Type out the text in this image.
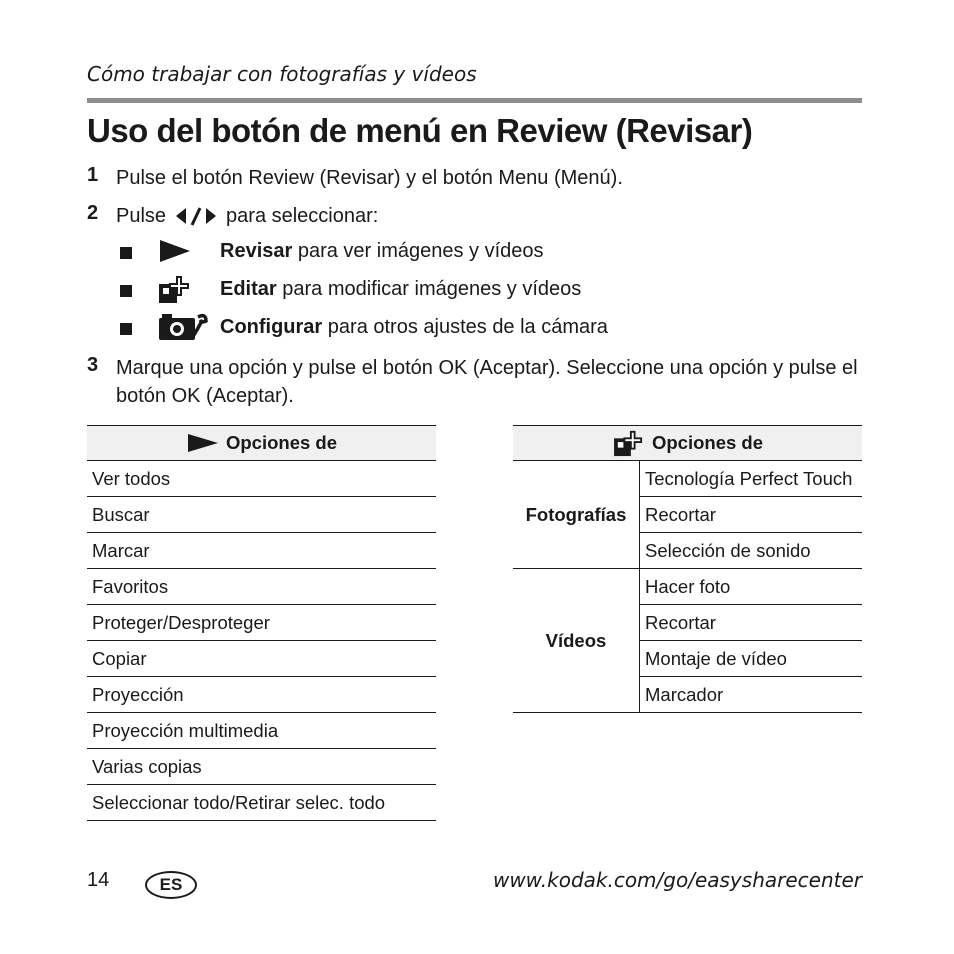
Cómo trabajar con fotografías y vídeos
Uso del botón de menú en Review (Revisar)
1 Pulse el botón Review (Revisar) y el botón Menu (Menú).
2 Pulse	para seleccionar:
Revisar para ver imágenes y vídeos
Editar para modificar imágenes y vídeos
Configurar para otros ajustes de la cámara
3 Marque una opción y pulse el botón OK (Aceptar). Seleccione una opción y pulse el
botón OK (Aceptar).
Opciones de
Ver todos
Buscar
Marcar
Favoritos
Proteger/Desproteger
Copiar
Proyección
Proyección multimedia
Varias copias
Seleccionar todo/Retirar selec. todo
Opciones de
Fotografías
Tecnología Perfect Touch
Recortar
Selección de sonido
Vídeos
Hacer foto
Recortar
Montaje de vídeo
Marcador
14	ES	www.kodak.com/go/easysharecenter
